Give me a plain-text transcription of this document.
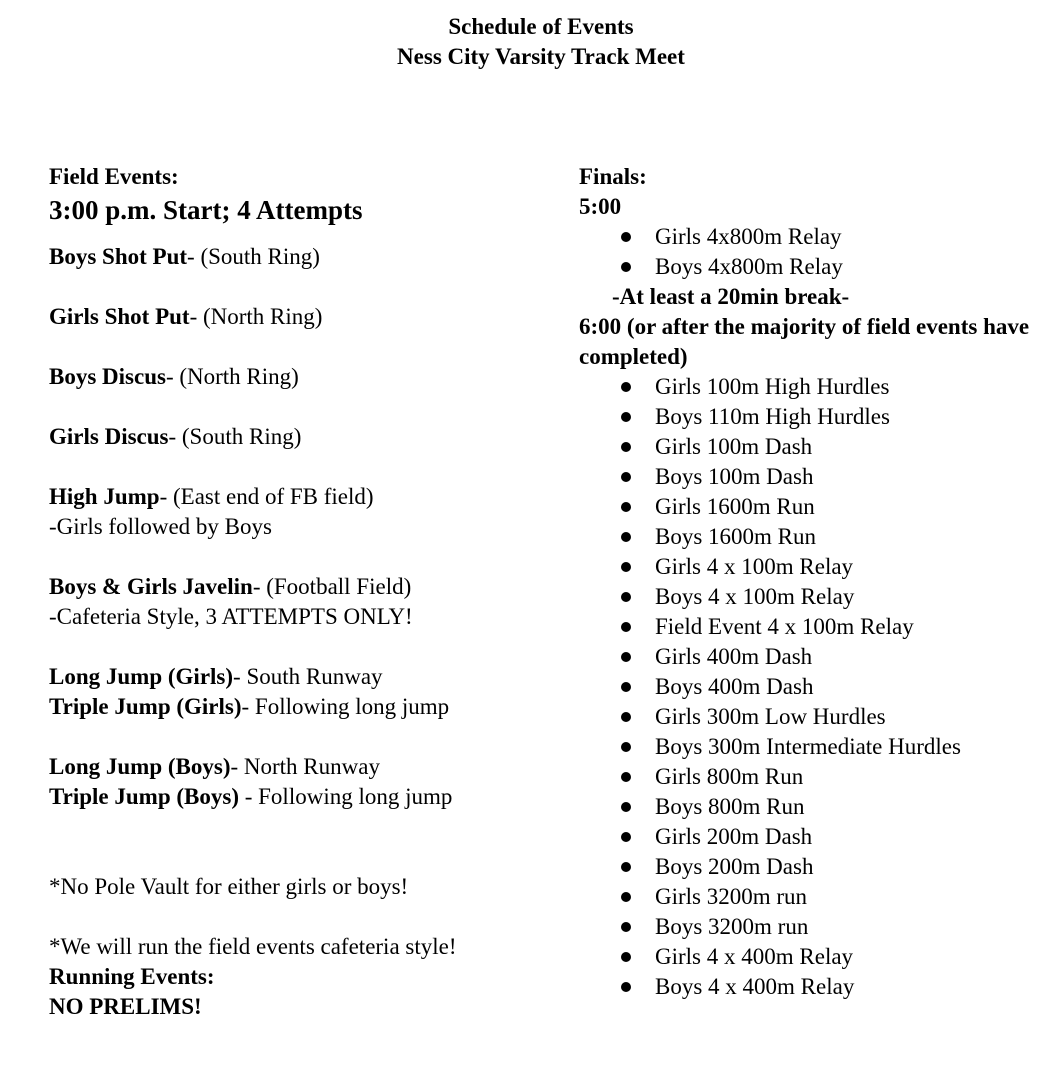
Schedule of Events
Ness City Varsity Track Meet
Field Events:
3:00 p.m. Start; 4 Attempts
Boys Shot Put- (South Ring)
Girls Shot Put- (North Ring)
Boys Discus- (North Ring)
Girls Discus- (South Ring)
High Jump- (East end of FB field)
-Girls followed by Boys
Boys & Girls Javelin- (Football Field)
-Cafeteria Style, 3 ATTEMPTS ONLY!
Long Jump (Girls)- South Runway
Triple Jump (Girls)- Following long jump
Long Jump (Boys)- North Runway
Triple Jump (Boys) - Following long jump
*No Pole Vault for either girls or boys!
*We will run the field events cafeteria style!
Running Events:
NO PRELIMS!
Finals:
5:00
Girls 4x800m Relay
Boys 4x800m Relay
-At least a 20min break-
6:00 (or after the majority of field events have completed)
Girls 100m High Hurdles
Boys 110m High Hurdles
Girls 100m Dash
Boys 100m Dash
Girls 1600m Run
Boys 1600m Run
Girls 4 x 100m Relay
Boys 4 x 100m Relay
Field Event 4 x 100m Relay
Girls 400m Dash
Boys 400m Dash
Girls 300m Low Hurdles
Boys 300m Intermediate Hurdles
Girls 800m Run
Boys 800m Run
Girls 200m Dash
Boys 200m Dash
Girls 3200m run
Boys 3200m run
Girls 4 x 400m Relay
Boys 4 x 400m Relay
